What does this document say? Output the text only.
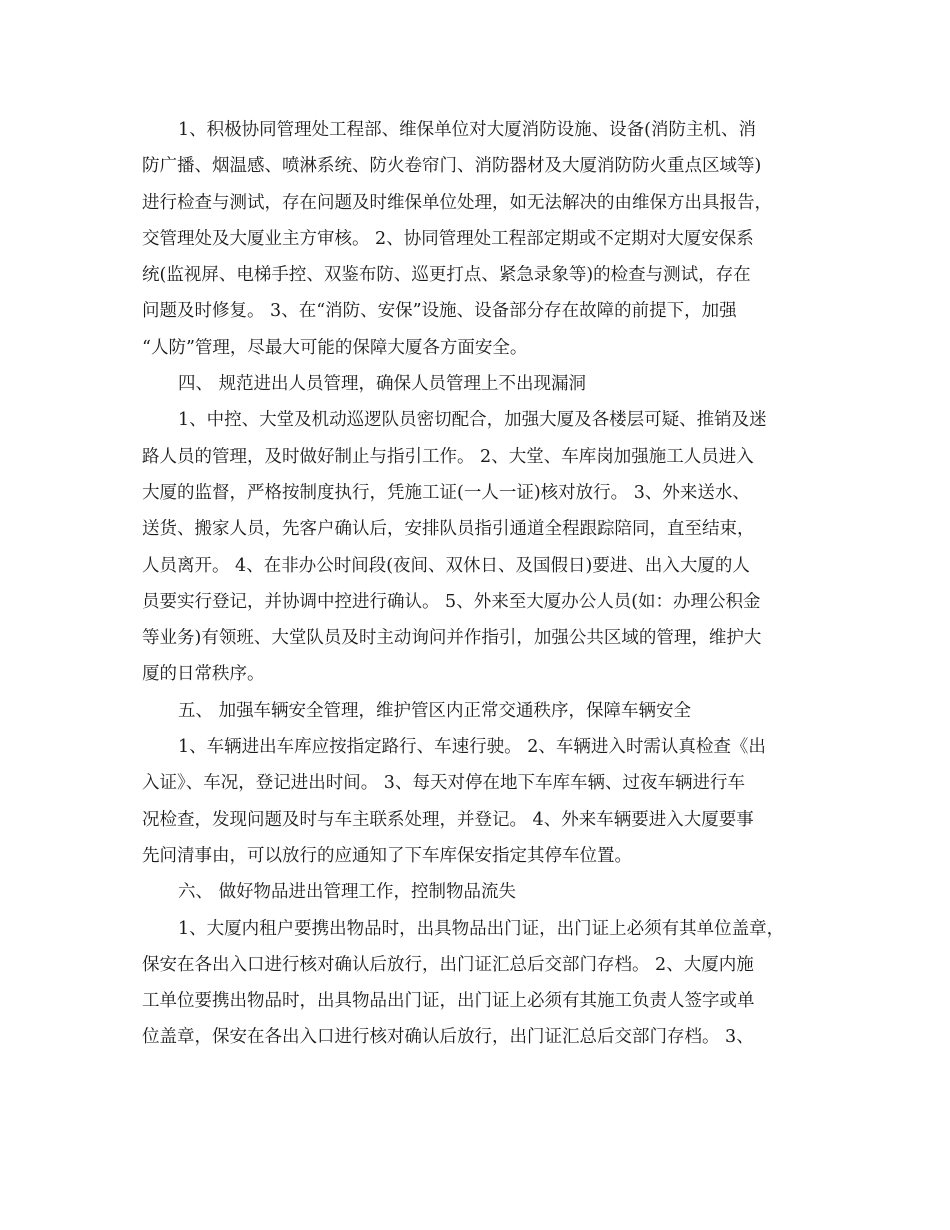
1、积极协同管理处工程部、维保单位对大厦消防设施、设备(消防主机、消
防广播、烟温感、喷淋系统、防火卷帘门、消防器材及大厦消防防火重点区域等)
进行检查与测试，存在问题及时维保单位处理，如无法解决的由维保方出具报告，
交管理处及大厦业主方审核。 2、协同管理处工程部定期或不定期对大厦安保系
统(监视屏、电梯手控、双鉴布防、巡更打点、紧急录象等)的检查与测试，存在
问题及时修复。 3、在“消防、安保”设施、设备部分存在故障的前提下，加强
“人防”管理，尽最大可能的保障大厦各方面安全。
四、 规范进出人员管理，确保人员管理上不出现漏洞
1、中控、大堂及机动巡逻队员密切配合，加强大厦及各楼层可疑、推销及迷
路人员的管理，及时做好制止与指引工作。 2、大堂、车库岗加强施工人员进入
大厦的监督，严格按制度执行，凭施工证(一人一证)核对放行。 3、外来送水、
送货、搬家人员，先客户确认后，安排队员指引通道全程跟踪陪同，直至结束，
人员离开。 4、在非办公时间段(夜间、双休日、及国假日)要进、出入大厦的人
员要实行登记，并协调中控进行确认。 5、外来至大厦办公人员(如：办理公积金
等业务)有领班、大堂队员及时主动询问并作指引，加强公共区域的管理，维护大
厦的日常秩序。
五、 加强车辆安全管理，维护管区内正常交通秩序，保障车辆安全
1、车辆进出车库应按指定路行、车速行驶。 2、车辆进入时需认真检查《出
入证》、车况，登记进出时间。 3、每天对停在地下车库车辆、过夜车辆进行车
况检查，发现问题及时与车主联系处理，并登记。 4、外来车辆要进入大厦要事
先问清事由，可以放行的应通知了下车库保安指定其停车位置。
六、 做好物品进出管理工作，控制物品流失
1、大厦内租户要携出物品时，出具物品出门证，出门证上必须有其单位盖章，
保安在各出入口进行核对确认后放行，出门证汇总后交部门存档。 2、大厦内施
工单位要携出物品时，出具物品出门证，出门证上必须有其施工负责人签字或单
位盖章，保安在各出入口进行核对确认后放行，出门证汇总后交部门存档。 3、
